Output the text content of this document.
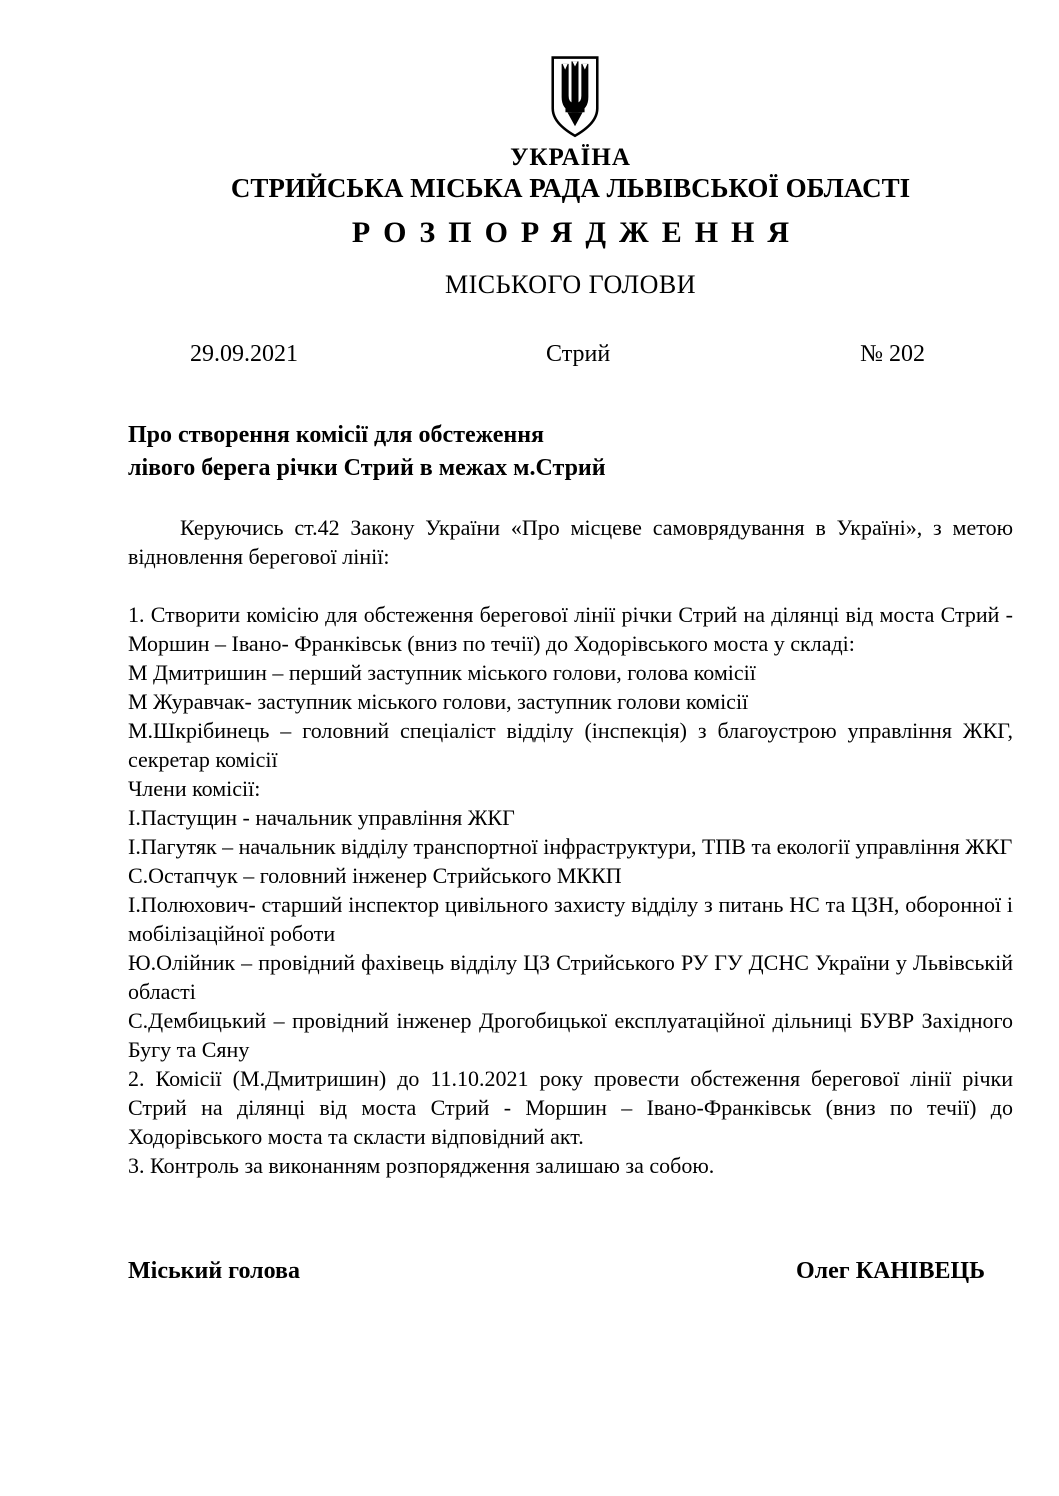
УКРАЇНА
СТРИЙСЬКА МІСЬКА РАДА ЛЬВІВСЬКОЇ ОБЛАСТІ
РОЗПОРЯДЖЕННЯ
МІСЬКОГО ГОЛОВИ
29.09.2021	Стрий	№ 202
Про створення комісії для обстеження
лівого берега річки Стрий в межах м.Стрий

Керуючись ст.42 Закону України «Про місцеве самоврядування в Україні», з метою відновлення берегової лінії:

1. Створити комісію для обстеження берегової лінії річки Стрий на ділянці від моста Стрий - Моршин – Івано- Франківськ (вниз по течії) до Ходорівського моста у складі:

М Дмитришин – перший заступник міського голови, голова комісії

М Журавчак- заступник міського голови, заступник голови комісії

М.Шкрібинець – головний спеціаліст відділу (інспекція) з благоустрою управління ЖКГ, секретар комісії

Члени комісії:

І.Пастущин - начальник управління ЖКГ

І.Пагутяк – начальник відділу транспортної інфраструктури, ТПВ та екології управління ЖКГ

С.Остапчук – головний інженер Стрийського МККП

І.Полюхович- старший інспектор цивільного захисту відділу з питань НС та ЦЗН, оборонної і мобілізаційної роботи

Ю.Олійник – провідний фахівець відділу ЦЗ Стрийського РУ ГУ ДСНС України у Львівській області

С.Дембицький – провідний інженер Дрогобицької експлуатаційної дільниці БУВР Західного Бугу та Сяну

2. Комісії (М.Дмитришин) до 11.10.2021 року провести обстеження берегової лінії річки Стрий на ділянці від моста Стрий - Моршин – Івано-Франківськ (вниз по течії) до Ходорівського моста та скласти відповідний акт.

3. Контроль за виконанням розпорядження залишаю за собою.

Міський голова	Олег КАНІВЕЦЬ
